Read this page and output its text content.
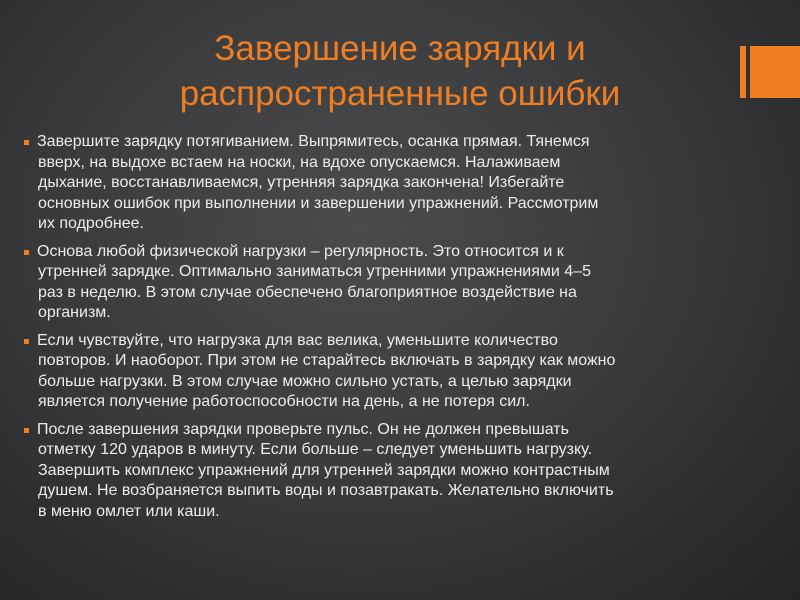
Завершение зарядки и
распространенные ошибки
Завершите зарядку потягиванием. Выпрямитесь, осанка прямая. Тянемся
вверх, на выдохе встаем на носки, на вдохе опускаемся. Налаживаем
дыхание, восстанавливаемся, утренняя зарядка закончена! Избегайте
основных ошибок при выполнении и завершении упражнений. Рассмотрим
их подробнее.
Основа любой физической нагрузки – регулярность. Это относится и к
утренней зарядке. Оптимально заниматься утренними упражнениями 4–5
раз в неделю. В этом случае обеспечено благоприятное воздействие на
организм.
Если чувствуйте, что нагрузка для вас велика, уменьшите количество
повторов. И наоборот. При этом не старайтесь включать в зарядку как можно
больше нагрузки. В этом случае можно сильно устать, а целью зарядки
является получение работоспособности на день, а не потеря сил.
После завершения зарядки проверьте пульс. Он не должен превышать
отметку 120 ударов в минуту. Если больше – следует уменьшить нагрузку.
Завершить комплекс упражнений для утренней зарядки можно контрастным
душем. Не возбраняется выпить воды и позавтракать. Желательно включить
в меню омлет или каши.
